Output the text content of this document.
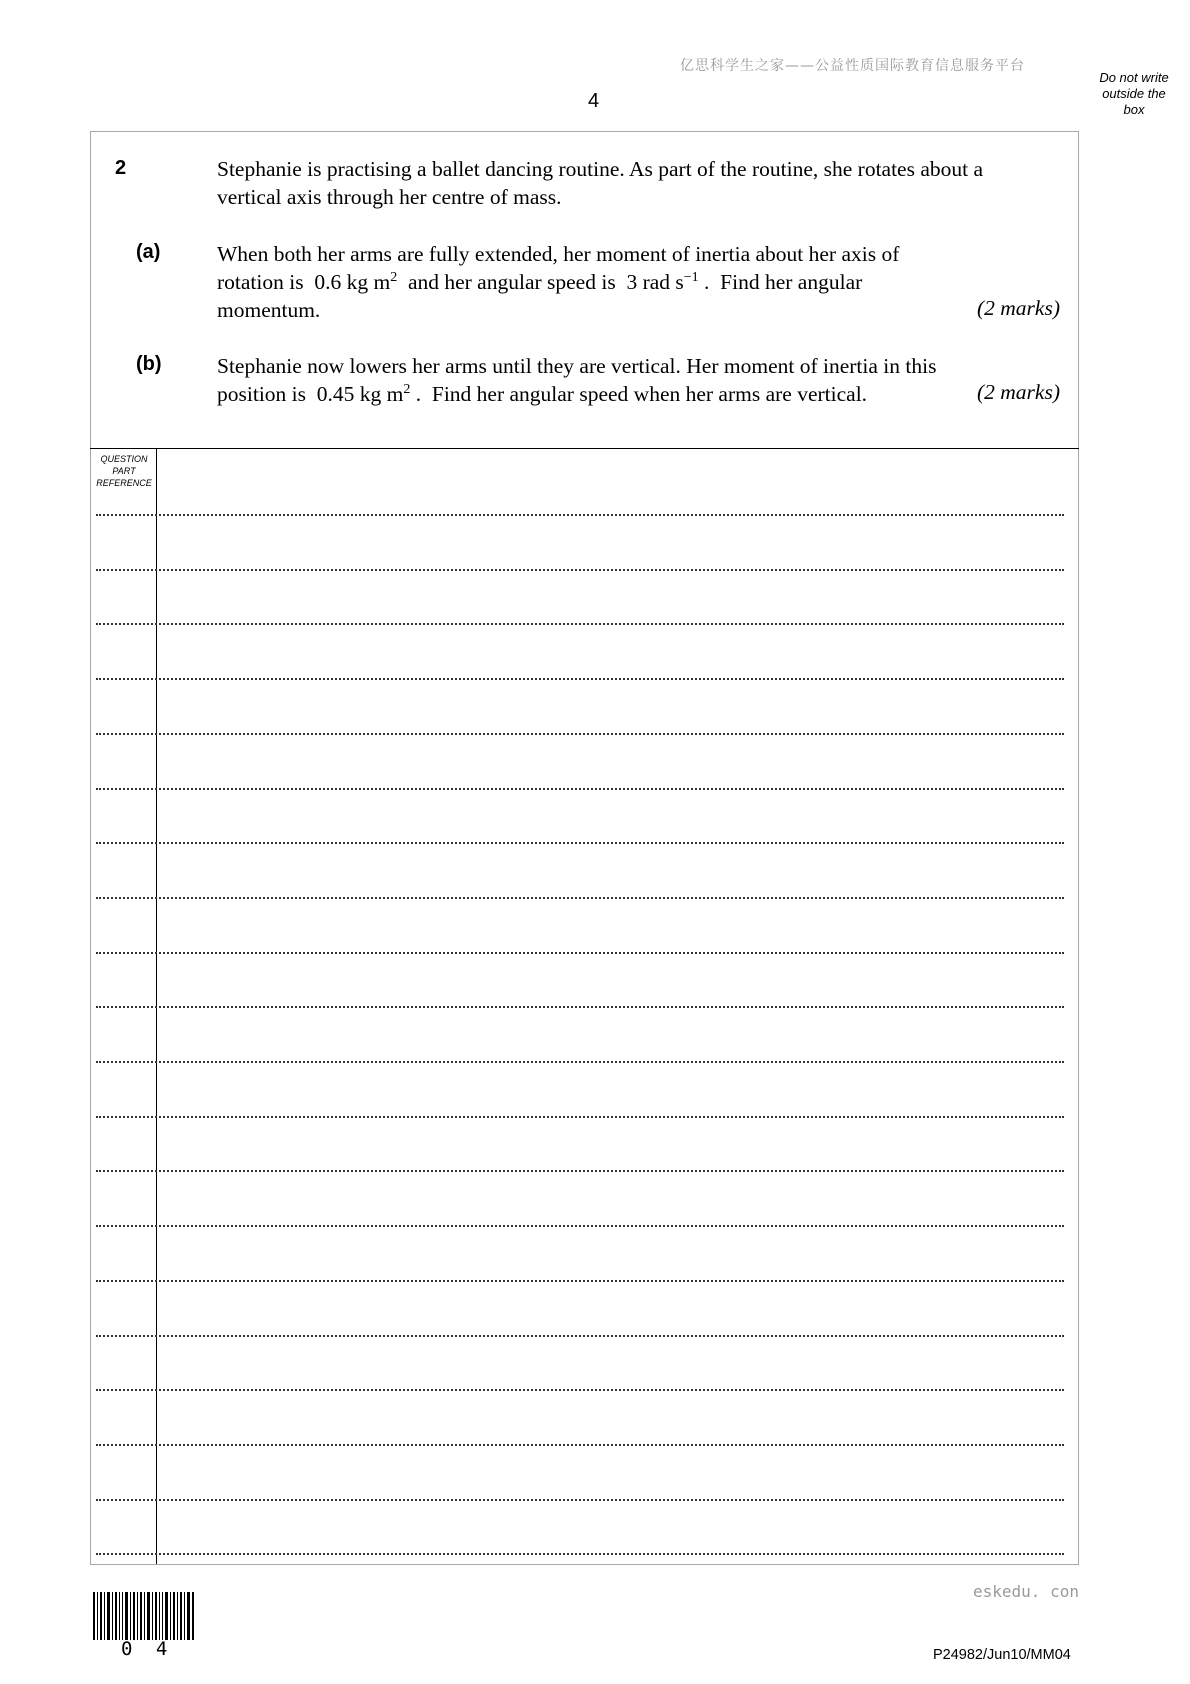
亿思科学生之家——公益性质国际教育信息服务平台
4
Do not write outside the box
2	Stephanie is practising a ballet dancing routine. As part of the routine, she rotates about a vertical axis through her centre of mass.
(a)	When both her arms are fully extended, her moment of inertia about her axis of
rotation is  0.6 kg $m^2$  and her angular speed is  3 rad $s^{-1}$ .  Find her angular
momentum.	(2 marks)
(b)	Stephanie now lowers her arms until they are vertical. Her moment of inertia in this
position is  0.45 kg $m^2$ .  Find her angular speed when her arms are vertical.	(2 marks)
QUESTION PART REFERENCE
0 4
eskedu. con
P24982/Jun10/MM04
